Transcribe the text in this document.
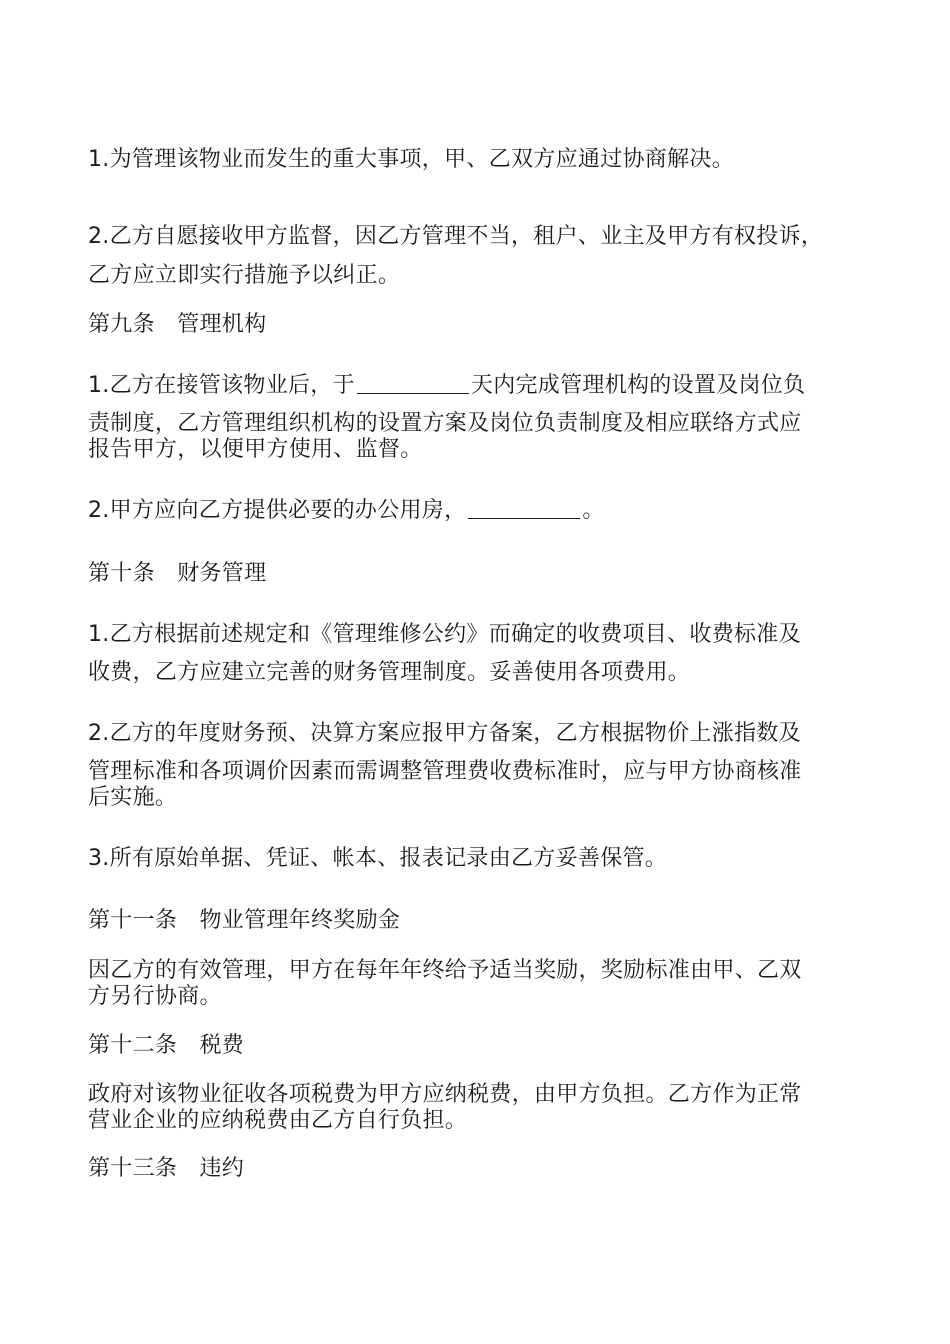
1.为管理该物业而发生的重大事项，甲、乙双方应通过协商解决。

2.乙方自愿接收甲方监督，因乙方管理不当，租户、业主及甲方有权投诉，

乙方应立即实行措施予以纠正。

第九条　管理机构

1.乙方在接管该物业后，于	天内完成管理机构的设置及岗位负

责制度，乙方管理组织机构的设置方案及岗位负责制度及相应联络方式应

报告甲方，以便甲方使用、监督。

2.甲方应向乙方提供必要的办公用房，	。

第十条　财务管理

1.乙方根据前述规定和《管理维修公约》而确定的收费项目、收费标准及

收费，乙方应建立完善的财务管理制度。妥善使用各项费用。

2.乙方的年度财务预、决算方案应报甲方备案，乙方根据物价上涨指数及

管理标准和各项调价因素而需调整管理费收费标准时，应与甲方协商核准

后实施。

3.所有原始单据、凭证、帐本、报表记录由乙方妥善保管。

第十一条　物业管理年终奖励金

因乙方的有效管理，甲方在每年年终给予适当奖励，奖励标准由甲、乙双

方另行协商。

第十二条　税费

政府对该物业征收各项税费为甲方应纳税费，由甲方负担。乙方作为正常

营业企业的应纳税费由乙方自行负担。

第十三条　违约
